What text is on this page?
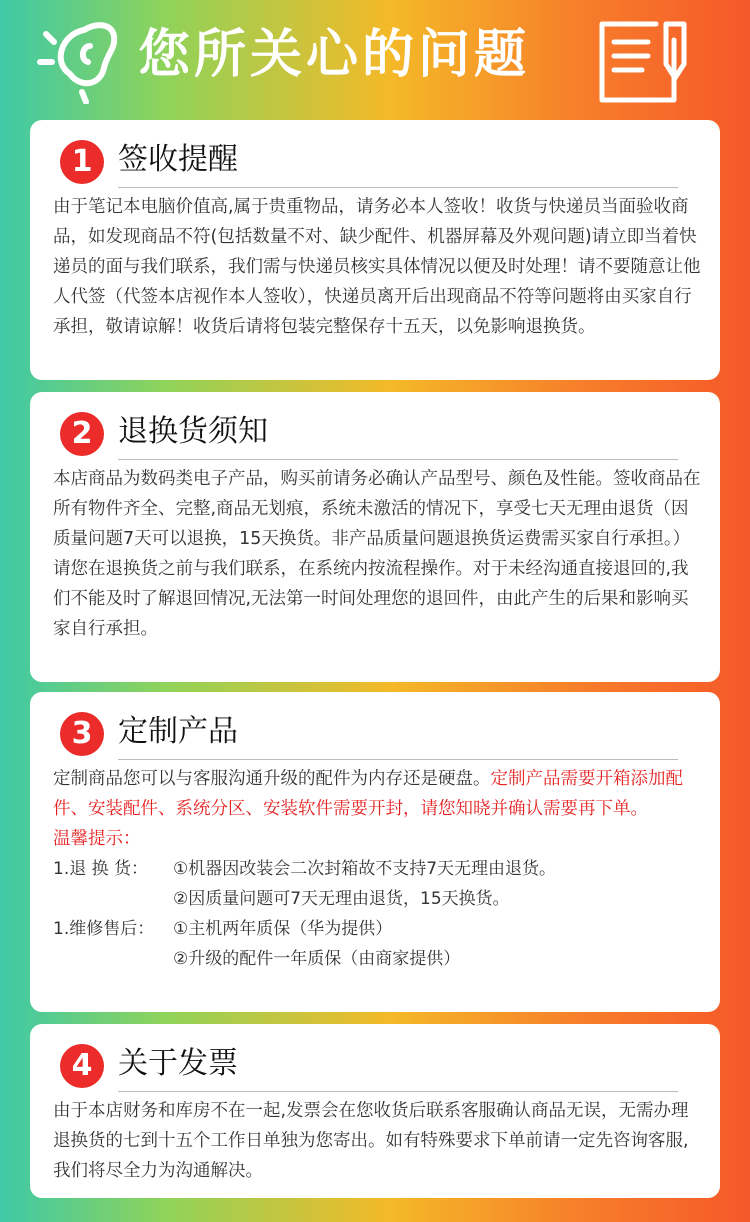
您所关心的问题
1 签收提醒

由于笔记本电脑价值高,属于贵重物品，请务必本人签收！收货与快递员当面验收商品，如发现商品不符(包括数量不对、缺少配件、机器屏幕及外观问题)请立即当着快递员的面与我们联系，我们需与快递员核实具体情况以便及时处理！请不要随意让他人代签（代签本店视作本人签收），快递员离开后出现商品不符等问题将由买家自行承担，敬请谅解！收货后请将包装完整保存十五天，以免影响退换货。

2 退换货须知

本店商品为数码类电子产品，购买前请务必确认产品型号、颜色及性能。签收商品在所有物件齐全、完整,商品无划痕，系统未激活的情况下，享受七天无理由退货（因质量问题7天可以退换，15天换货。非产品质量问题退换货运费需买家自行承担。）

请您在退换货之前与我们联系，在系统内按流程操作。对于未经沟通直接退回的,我们不能及时了解退回情况,无法第一时间处理您的退回件，由此产生的后果和影响买家自行承担。

3 定制产品

定制商品您可以与客服沟通升级的配件为内存还是硬盘。定制产品需要开箱添加配件、安装配件、系统分区、安装软件需要开封，请您知晓并确认需要再下单。

温馨提示：
1.退 换 货： ①机器因改装会二次封箱故不支持7天无理由退货。
②因质量问题可7天无理由退货，15天换货。
1.维修售后： ①主机两年质保（华为提供）
②升级的配件一年质保（由商家提供）
4 关于发票

由于本店财务和库房不在一起,发票会在您收货后联系客服确认商品无误，无需办理退换货的七到十五个工作日单独为您寄出。如有特殊要求下单前请一定先咨询客服,我们将尽全力为沟通解决。
